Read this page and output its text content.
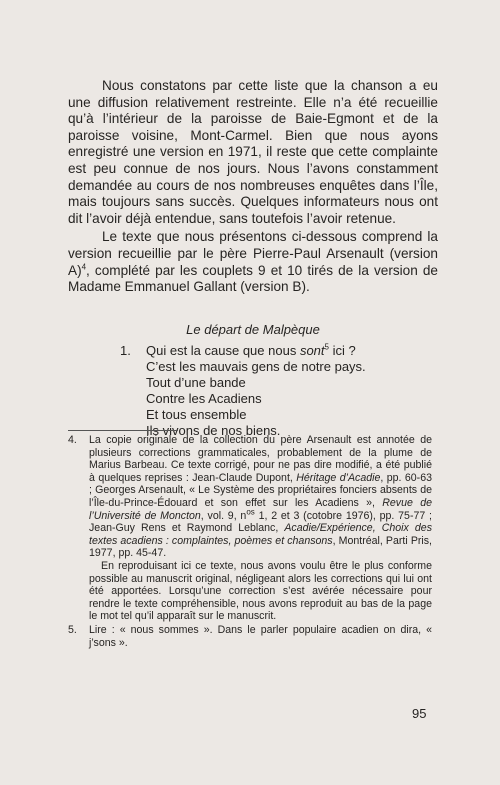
Nous constatons par cette liste que la chanson a eu une diffusion relativement restreinte. Elle n’a été recueillie qu’à l’intérieur de la paroisse de Baie-Egmont et de la paroisse voisine, Mont-Carmel. Bien que nous ayons enregistré une version en 1971, il reste que cette complainte est peu connue de nos jours. Nous l’avons constamment demandée au cours de nos nombreuses enquêtes dans l’Île, mais toujours sans succès. Quelques informateurs nous ont dit l’avoir déjà entendue, sans toutefois l’avoir retenue.

Le texte que nous présentons ci-dessous comprend la version recueillie par le père Pierre-Paul Arsenault (version A)$^4$, complété par les couplets 9 et 10 tirés de la version de Madame Emmanuel Gallant (version B).

Le départ de Malpèque
1. Qui est la cause que nous sont$^5$ ici ?
C’est les mauvais gens de notre pays.
Tout d’une bande
Contre les Acadiens
Et tous ensemble
Ils vivons de nos biens.
4. La copie originale de la collection du père Arsenault est annotée de plusieurs corrections grammaticales, probablement de la plume de Marius Barbeau. Ce texte corrigé, pour ne pas dire modifié, a été publié à quelques reprises : Jean-Claude Dupont, Héritage d’Acadie, pp. 60-63 ; Georges Arsenault, « Le Système des propriétaires fonciers absents de l’Île-du-Prince-Édouard et son effet sur les Acadiens », Revue de l’Université de Moncton, vol. 9, $n^{os}$ 1, 2 et 3 (cotobre 1976), pp. 75-77 ; Jean-Guy Rens et Raymond Leblanc, Acadie/Expérience, Choix des textes acadiens : complaintes, poèmes et chansons, Montréal, Parti Pris, 1977, pp. 45-47.

En reproduisant ici ce texte, nous avons voulu être le plus conforme possible au manuscrit original, négligeant alors les corrections qui lui ont été apportées. Lorsqu’une correction s’est avérée nécessaire pour rendre le texte compréhensible, nous avons reproduit au bas de la page le mot tel qu’il apparaît sur le manuscrit.

5. Lire : « nous sommes ». Dans le parler populaire acadien on dira, « j’sons ».

95
